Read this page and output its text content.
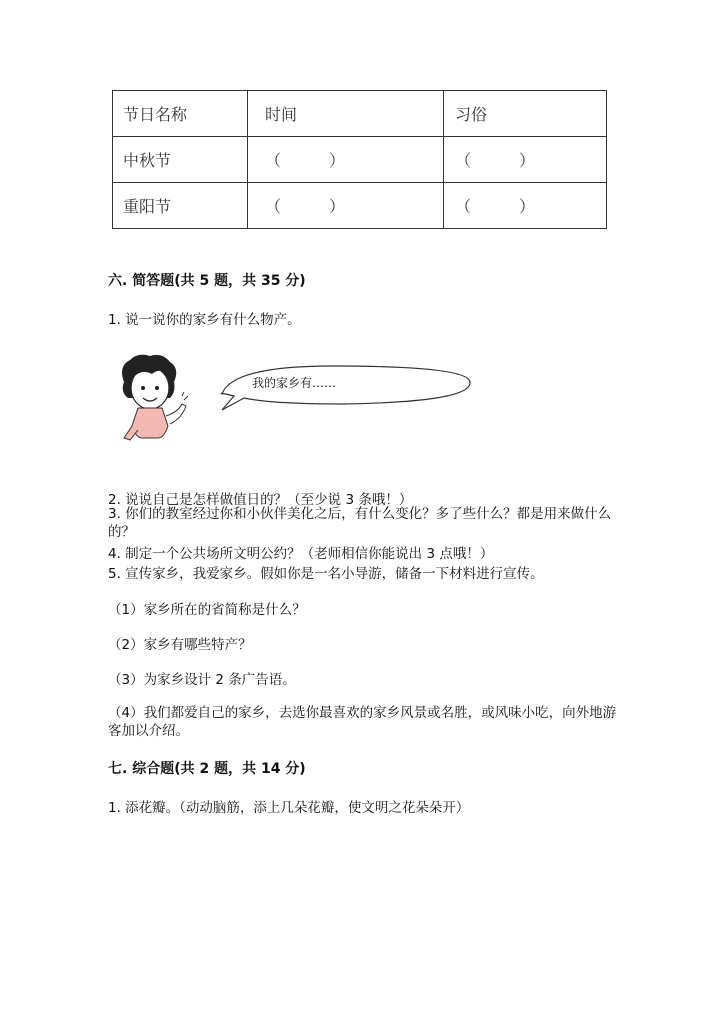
节日名称	时间	习俗
中秋节	（　　　）	（　　　）
重阳节	（　　　）	（　　　）
六. 简答题(共 5 题，共 35 分)
1. 说一说你的家乡有什么物产。
我的家乡有……
2. 说说自己是怎样做值日的？（至少说 3 条哦！）
3. 你们的教室经过你和小伙伴美化之后，有什么变化？多了些什么？都是用来做什么的？
4. 制定一个公共场所文明公约？（老师相信你能说出 3 点哦！）
5. 宣传家乡，我爱家乡。假如你是一名小导游，储备一下材料进行宣传。
（1）家乡所在的省简称是什么？
（2）家乡有哪些特产？
（3）为家乡设计 2 条广告语。
（4）我们都爱自己的家乡，去选你最喜欢的家乡风景或名胜，或风味小吃，向外地游客加以介绍。
七. 综合题(共 2 题，共 14 分)
1. 添花瓣。（动动脑筋，添上几朵花瓣，使文明之花朵朵开）
